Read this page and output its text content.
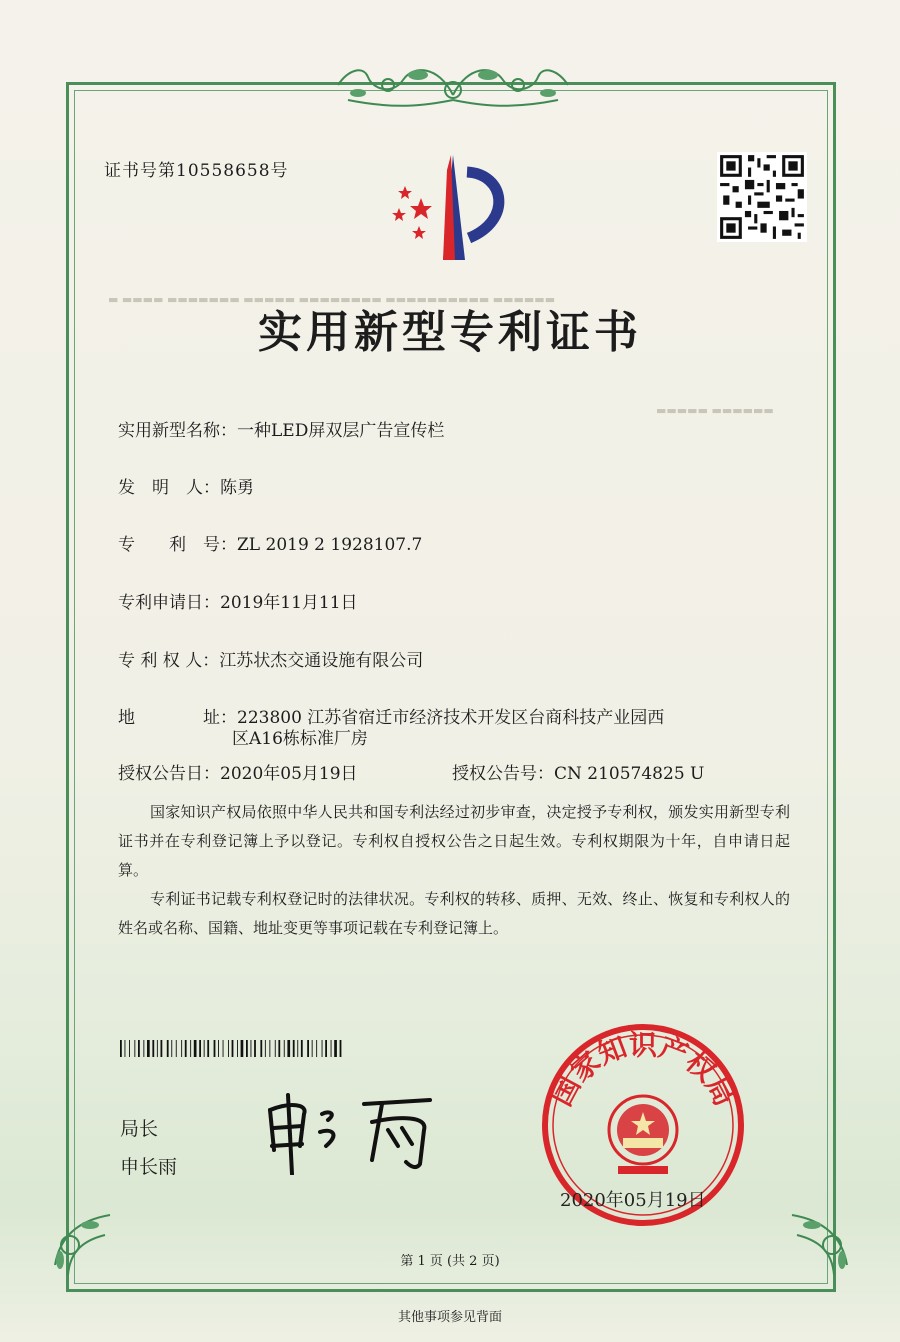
证书号第10558658号
实用新型专利证书
▬ ▬▬▬▬ ▬▬▬▬▬▬▬ ▬▬▬▬▬ ▬▬▬▬▬▬▬▬ ▬▬▬▬▬▬▬▬▬▬ ▬▬▬▬▬▬
▬▬▬▬▬ ▬▬▬▬▬▬
实用新型名称：一种LED屏双层广告宣传栏
发　明　人：陈勇
专　　利　号：ZL 2019 2 1928107.7
专利申请日：2019年11月11日
专 利 权 人：江苏状杰交通设施有限公司
地　　　　址：223800 江苏省宿迁市经济技术开发区台商科技产业园西
区A16栋标准厂房
授权公告日：2020年05月19日	授权公告号：CN 210574825 U
国家知识产权局依照中华人民共和国专利法经过初步审查，决定授予专利权，颁发实用新型专利证书并在专利登记簿上予以登记。专利权自授权公告之日起生效。专利权期限为十年，自申请日起算。
专利证书记载专利权登记时的法律状况。专利权的转移、质押、无效、终止、恢复和专利权人的姓名或名称、国籍、地址变更等事项记载在专利登记簿上。
局长
申长雨
国家知识产权局
2020年05月19日
第 1 页 (共 2 页)
其他事项参见背面
